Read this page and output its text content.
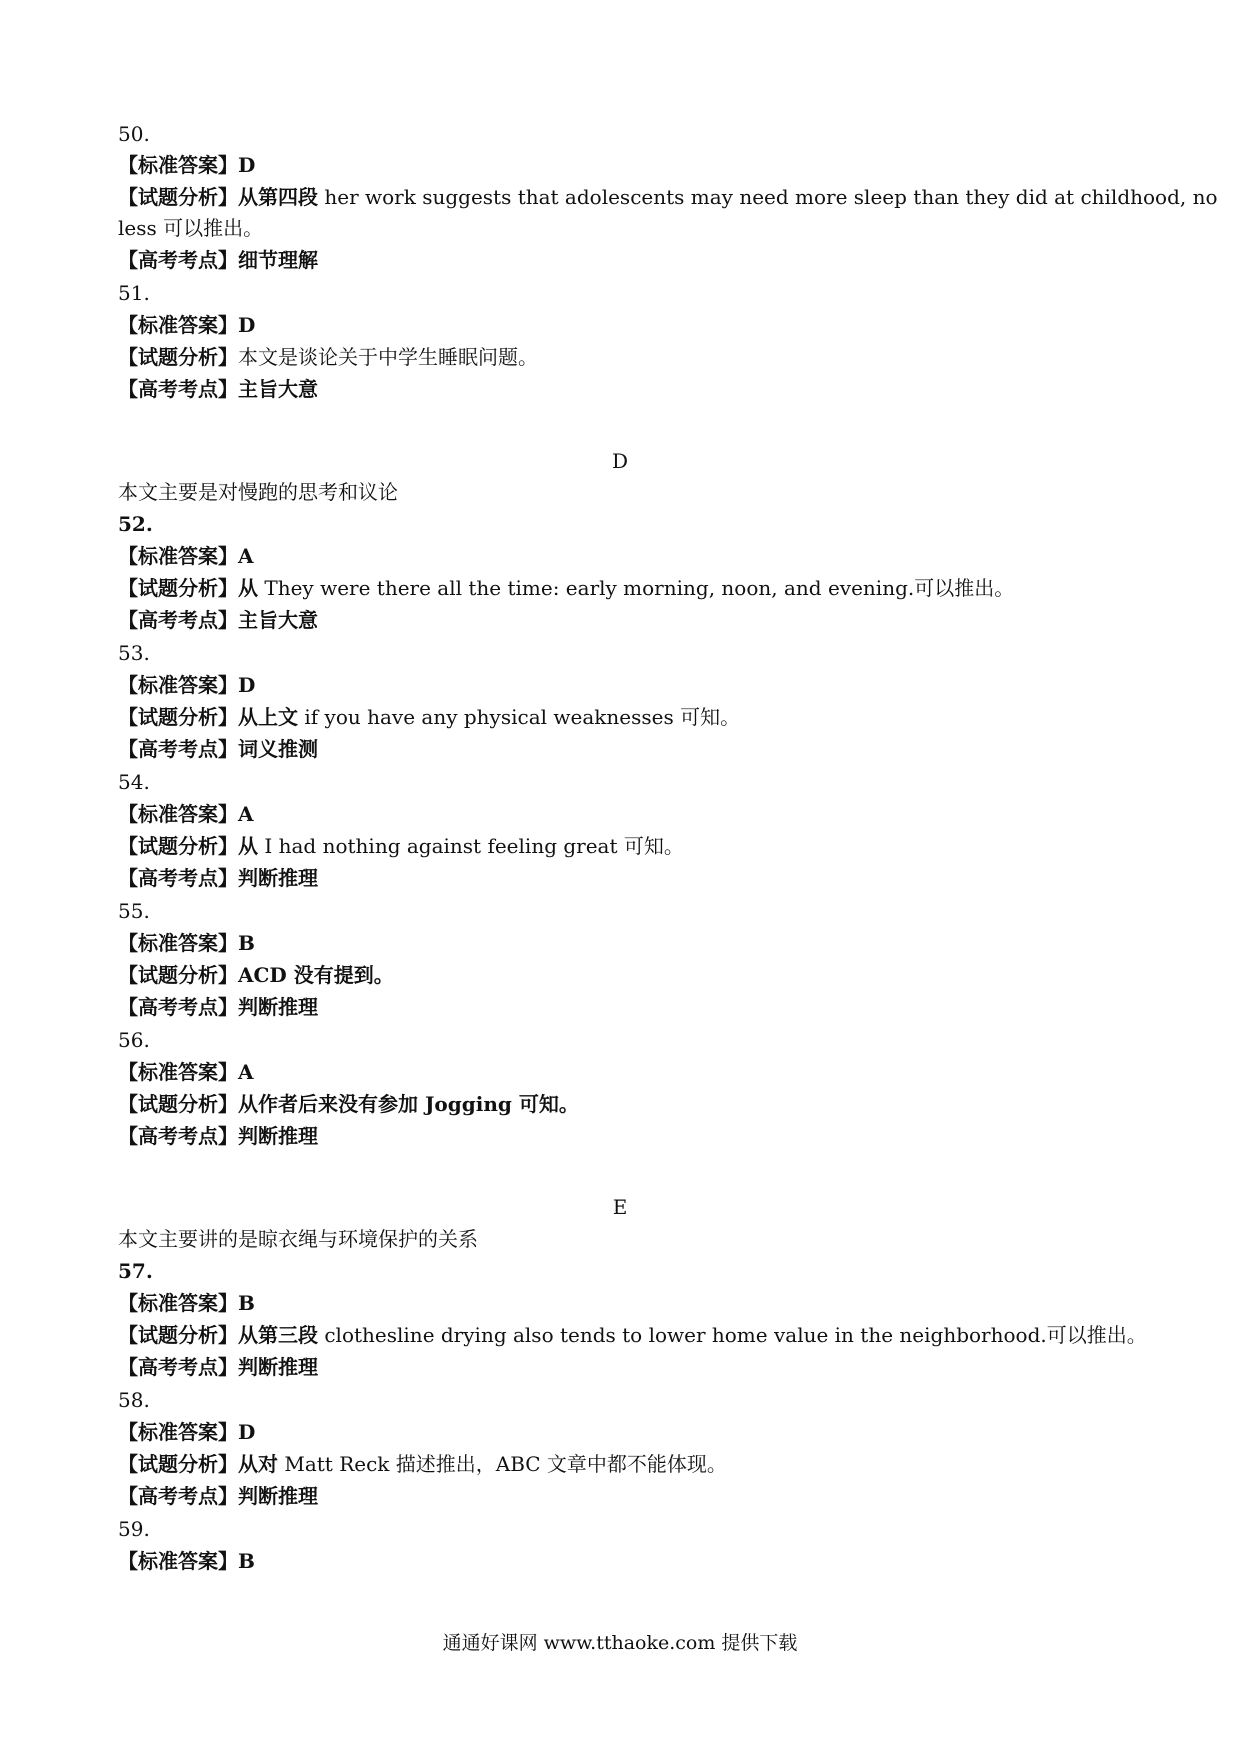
50.
【标准答案】D
【试题分析】从第四段 her work suggests that adolescents may need more sleep than they did at childhood, no
less 可以推出。
【高考考点】细节理解
51.
【标准答案】D
【试题分析】本文是谈论关于中学生睡眠问题。
【高考考点】主旨大意
D
本文主要是对慢跑的思考和议论
52.
【标准答案】A
【试题分析】从 They were there all the time: early morning, noon, and evening.可以推出。
【高考考点】主旨大意
53.
【标准答案】D
【试题分析】从上文 if you have any physical weaknesses 可知。
【高考考点】词义推测
54.
【标准答案】A
【试题分析】从 I had nothing against feeling great 可知。
【高考考点】判断推理
55.
【标准答案】B
【试题分析】ACD 没有提到。
【高考考点】判断推理
56.
【标准答案】A
【试题分析】从作者后来没有参加 Jogging 可知。
【高考考点】判断推理
E
本文主要讲的是晾衣绳与环境保护的关系
57.
【标准答案】B
【试题分析】从第三段 clothesline drying also tends to lower home value in the neighborhood.可以推出。
【高考考点】判断推理
58.
【标准答案】D
【试题分析】从对 Matt Reck 描述推出，ABC 文章中都不能体现。
【高考考点】判断推理
59.
【标准答案】B
通通好课网 www.tthaoke.com 提供下载
